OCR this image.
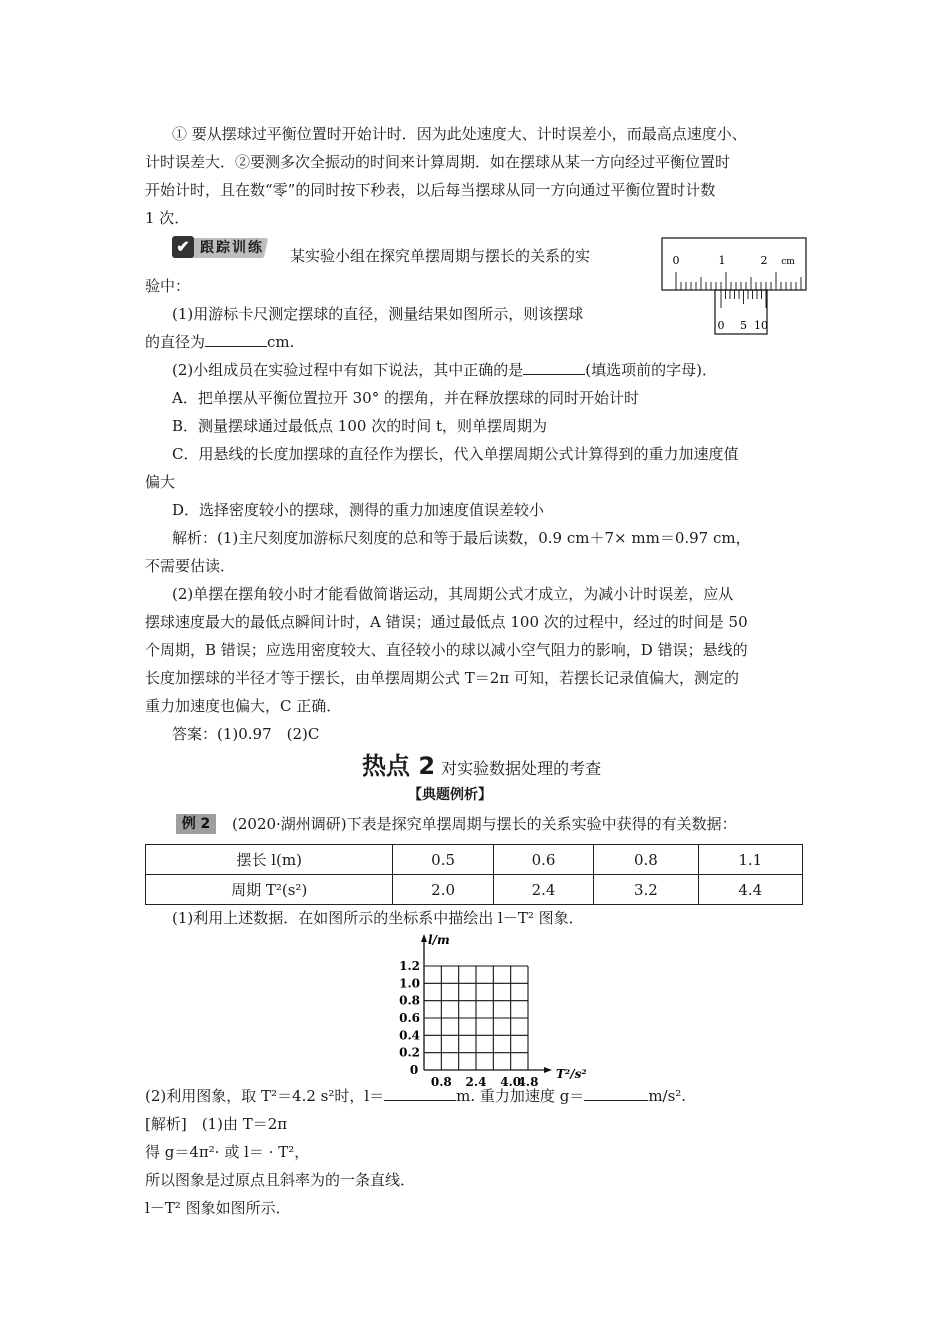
① 要从摆球过平衡位置时开始计时．因为此处速度大、计时误差小，而最高点速度小、
计时误差大．②要测多次全振动的时间来计算周期．如在摆球从某一方向经过平衡位置时
开始计时，且在数“零”的同时按下秒表，以后每当摆球从同一方向通过平衡位置时计数
1 次．
✔ 跟踪训练 某实验小组在探究单摆周期与摆长的关系的实
验中：
(1)用游标卡尺测定摆球的直径，测量结果如图所示，则该摆球
的直径为	cm.
0	1	2 cm
0 5 10
(2)小组成员在实验过程中有如下说法，其中正确的是	(填选项前的字母)．
A．把单摆从平衡位置拉开 30° 的摆角，并在释放摆球的同时开始计时
B．测量摆球通过最低点 100 次的时间 t，则单摆周期为
C．用悬线的长度加摆球的直径作为摆长，代入单摆周期公式计算得到的重力加速度值
偏大
D．选择密度较小的摆球，测得的重力加速度值误差较小
解析：(1)主尺刻度加游标尺刻度的总和等于最后读数，0.9 cm＋7× mm＝0.97 cm，
不需要估读．
(2)单摆在摆角较小时才能看做简谐运动，其周期公式才成立，为减小计时误差，应从
摆球速度最大的最低点瞬间计时，A 错误；通过最低点 100 次的过程中，经过的时间是 50
个周期，B 错误；应选用密度较大、直径较小的球以减小空气阻力的影响，D 错误；悬线的
长度加摆球的半径才等于摆长，由单摆周期公式 T＝2π 可知，若摆长记录值偏大，测定的
重力加速度也偏大，C 正确．
答案：(1)0.97　(2)C
热点 2 对实验数据处理的考查
【典题例析】
例 2	(2020·湖州调研)下表是探究单摆周期与摆长的关系实验中获得的有关数据：
摆长 l(m)	0.5	0.6	0.8	1.1
周期 T²(s²)	2.0	2.4	3.2	4.4
(1)利用上述数据．在如图所示的坐标系中描绘出 l－T² 图象．
1.2
1.0
0.8
0.6
0.4
0.2
0.8 2.4 4.0
4.8
0
l/m
T²/s²
(2)利用图象，取 T²＝4.2 s²时，l＝	m. 重力加速度 g＝	m/s².
[解析]　(1)由 T＝2π
得 g＝4π²· 或 l＝ · T²，
所以图象是过原点且斜率为的一条直线．
l－T² 图象如图所示．
